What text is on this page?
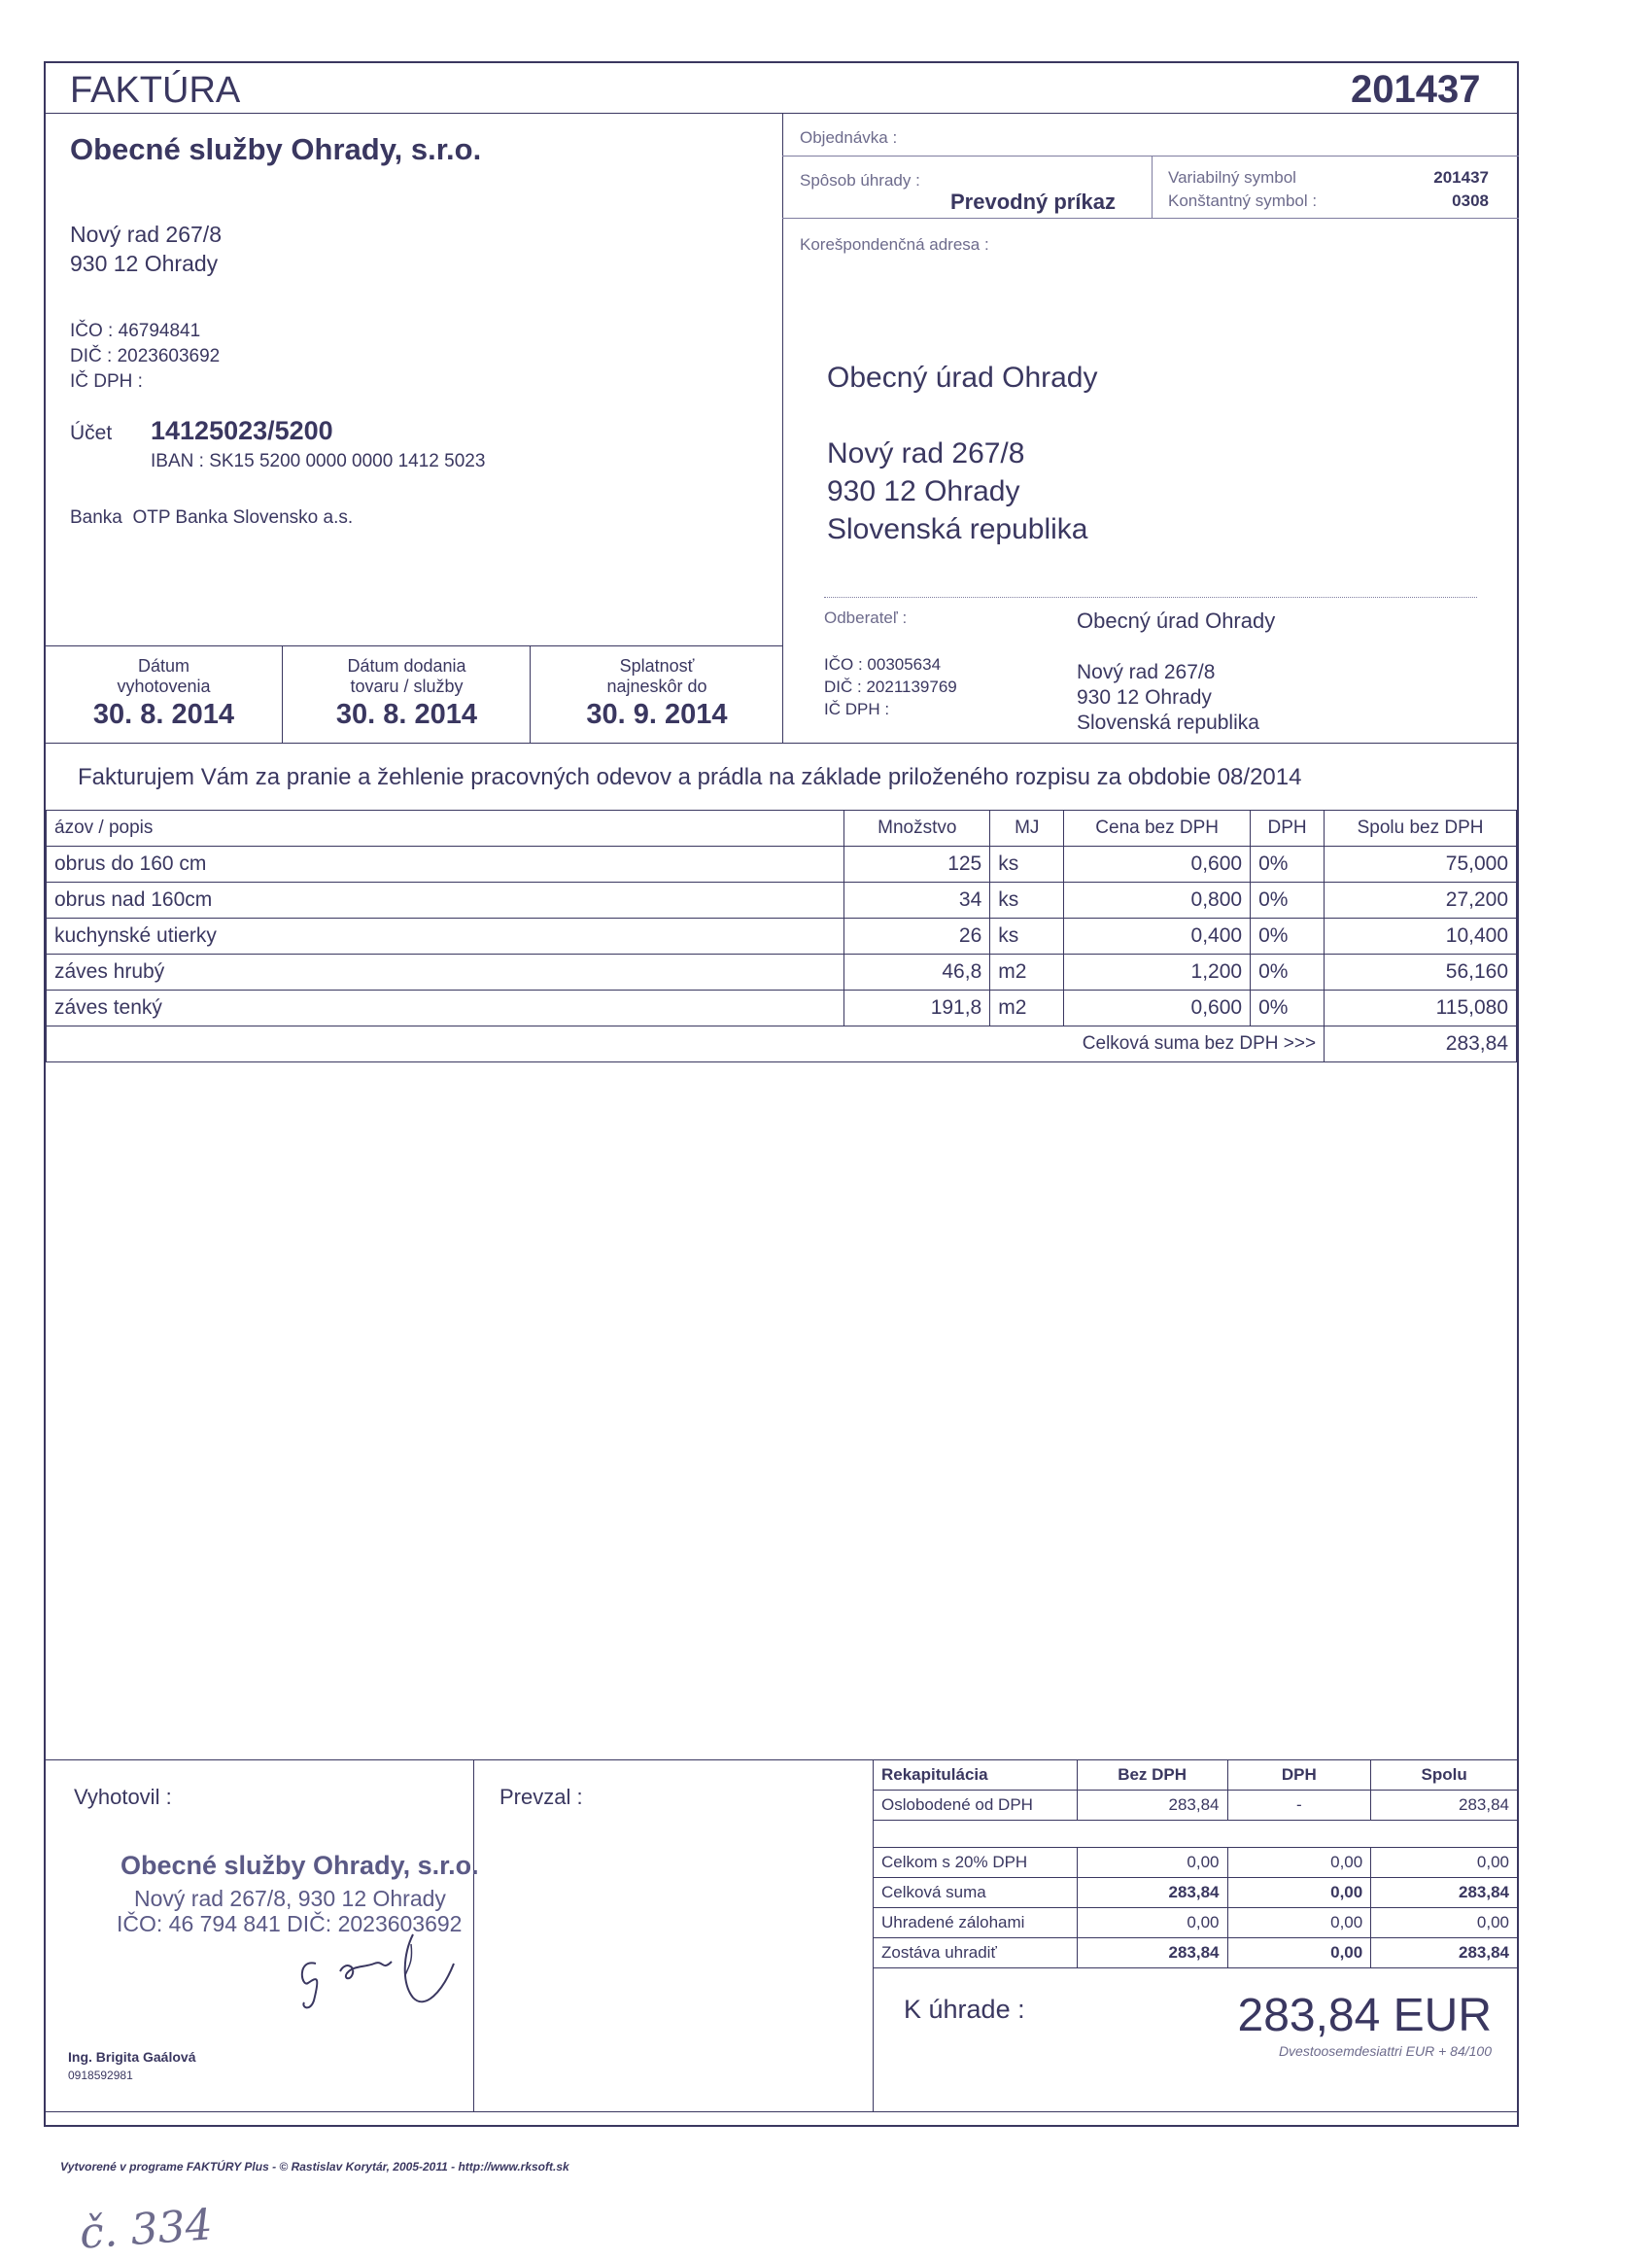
FAKTÚRA	201437
Obecné služby Ohrady, s.r.o.
Nový rad 267/8
930 12 Ohrady
IČO : 46794841
DIČ : 2023603692
IČ DPH :
Účet 14125023/5200
IBAN : SK15 5200 0000 0000 1412 5023
Banka OTP Banka Slovensko a.s.
Objednávka :
Spôsob úhrady :
Prevodný príkaz
Variabilný symbol	201437
Konštantný symbol :	0308
Korešpondenčná adresa :
Obecný úrad Ohrady
Nový rad 267/8
930 12 Ohrady
Slovenská republika
Odberateľ :	Obecný úrad Ohrady
IČO : 00305634
DIČ : 2021139769
IČ DPH :
Nový rad 267/8
930 12 Ohrady
Slovenská republika
Dátum
vyhotovenia
30. 8. 2014
Dátum dodania
tovaru / služby
30. 8. 2014
Splatnosť
najneskôr do
30. 9. 2014
Fakturujem Vám za pranie a žehlenie pracovných odevov a prádla na základe priloženého rozpisu za obdobie 08/2014
ázov / popis	Množstvo	MJ	Cena bez DPH	DPH	Spolu bez DPH
obrus do 160 cm	125	ks	0,600	0%	75,000
obrus nad 160cm	34	ks	0,800	0%	27,200
kuchynské utierky	26	ks	0,400	0%	10,400
záves hrubý	46,8	m2	1,200	0%	56,160
záves tenký	191,8	m2	0,600	0%	115,080
Celková suma bez DPH >>>					283,84
Vyhotovil :	Prevzal :
Obecné služby Ohrady, s.r.o.
Nový rad 267/8, 930 12 Ohrady
IČO: 46 794 841 DIČ: 2023603692
Ing. Brigita Gaálová
0918592981
Rekapitulácia	Bez DPH	DPH	Spolu
Oslobodené od DPH	283,84	-	283,84

Celkom s 20% DPH	0,00	0,00	0,00
Celková suma	283,84	0,00	283,84
Uhradené zálohami	0,00	0,00	0,00
Zostáva uhradiť	283,84	0,00	283,84
K úhrade :	283,84 EUR
Dvestoosemdesiattri EUR + 84/100
Vytvorené v programe FAKTÚRY Plus - © Rastislav Korytár, 2005-2011 - http://www.rksoft.sk
č. 334
